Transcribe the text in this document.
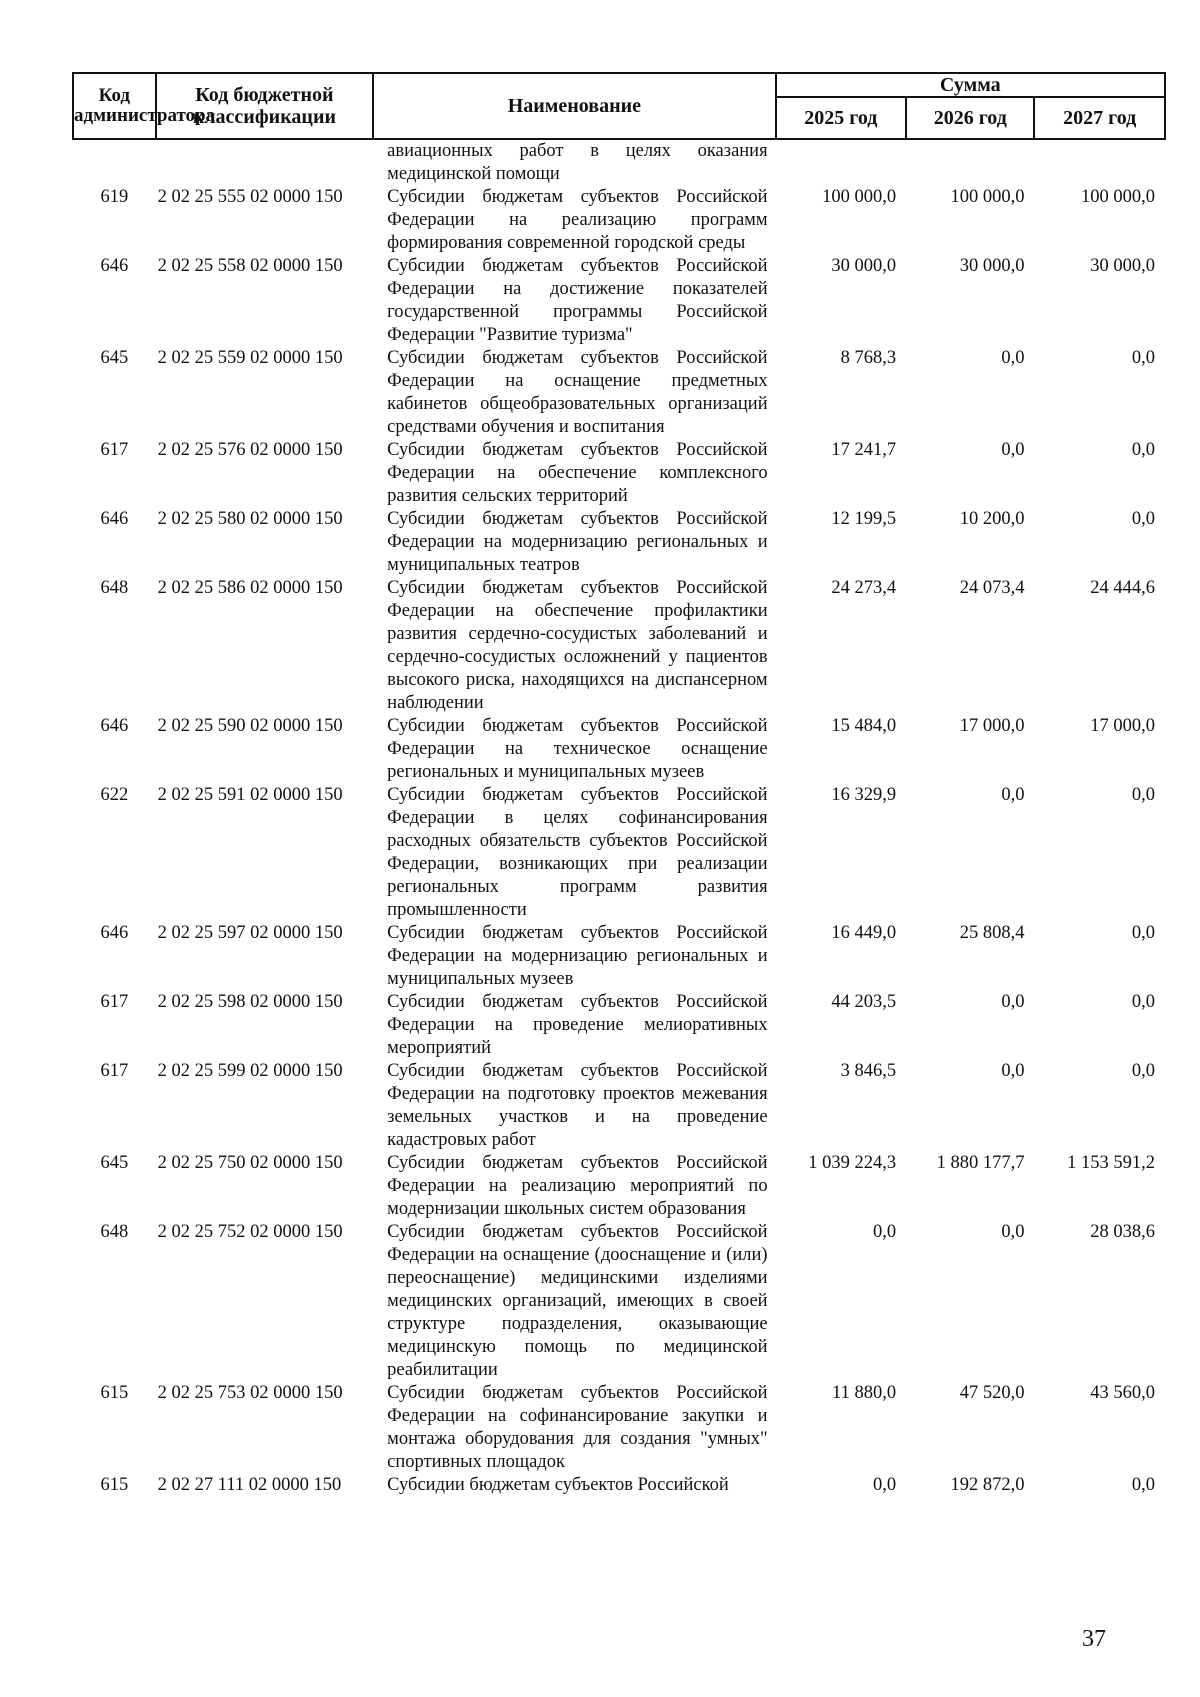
Код администратора	Код бюджетной классификации	Наименование	Сумма		
			2025 год	2026 год	2027 год
		авиационных работ в целях оказания медицинской помощи			
619	2 02 25 555 02 0000 150	Субсидии бюджетам субъектов Российской Федерации на реализацию программ формирования современной городской среды	100 000,0	100 000,0	100 000,0
646	2 02 25 558 02 0000 150	Субсидии бюджетам субъектов Российской Федерации на достижение показателей государственной программы Российской Федерации "Развитие туризма"	30 000,0	30 000,0	30 000,0
645	2 02 25 559 02 0000 150	Субсидии бюджетам субъектов Российской Федерации на оснащение предметных кабинетов общеобразовательных организаций средствами обучения и воспитания	8 768,3	0,0	0,0
617	2 02 25 576 02 0000 150	Субсидии бюджетам субъектов Российской Федерации на обеспечение комплексного развития сельских территорий	17 241,7	0,0	0,0
646	2 02 25 580 02 0000 150	Субсидии бюджетам субъектов Российской Федерации на модернизацию региональных и муниципальных театров	12 199,5	10 200,0	0,0
648	2 02 25 586 02 0000 150	Субсидии бюджетам субъектов Российской Федерации на обеспечение профилактики развития сердечно-сосудистых заболеваний и сердечно-сосудистых осложнений у пациентов высокого риска, находящихся на диспансерном наблюдении	24 273,4	24 073,4	24 444,6
646	2 02 25 590 02 0000 150	Субсидии бюджетам субъектов Российской Федерации на техническое оснащение региональных и муниципальных музеев	15 484,0	17 000,0	17 000,0
622	2 02 25 591 02 0000 150	Субсидии бюджетам субъектов Российской Федерации в целях софинансирования расходных обязательств субъектов Российской Федерации, возникающих при реализации региональных программ развития промышленности	16 329,9	0,0	0,0
646	2 02 25 597 02 0000 150	Субсидии бюджетам субъектов Российской Федерации на модернизацию региональных и муниципальных музеев	16 449,0	25 808,4	0,0
617	2 02 25 598 02 0000 150	Субсидии бюджетам субъектов Российской Федерации на проведение мелиоративных мероприятий	44 203,5	0,0	0,0
617	2 02 25 599 02 0000 150	Субсидии бюджетам субъектов Российской Федерации на подготовку проектов межевания земельных участков и на проведение кадастровых работ	3 846,5	0,0	0,0
645	2 02 25 750 02 0000 150	Субсидии бюджетам субъектов Российской Федерации на реализацию мероприятий по модернизации школьных систем образования	1 039 224,3	1 880 177,7	1 153 591,2
648	2 02 25 752 02 0000 150	Субсидии бюджетам субъектов Российской Федерации на оснащение (дооснащение и (или) переоснащение) медицинскими изделиями медицинских организаций, имеющих в своей структуре подразделения, оказывающие медицинскую помощь по медицинской реабилитации	0,0	0,0	28 038,6
615	2 02 25 753 02 0000 150	Субсидии бюджетам субъектов Российской Федерации на софинансирование закупки и монтажа оборудования для создания "умных" спортивных площадок	11 880,0	47 520,0	43 560,0
615	2 02 27 111 02 0000 150	Субсидии бюджетам субъектов Российской	0,0	192 872,0	0,0
37
